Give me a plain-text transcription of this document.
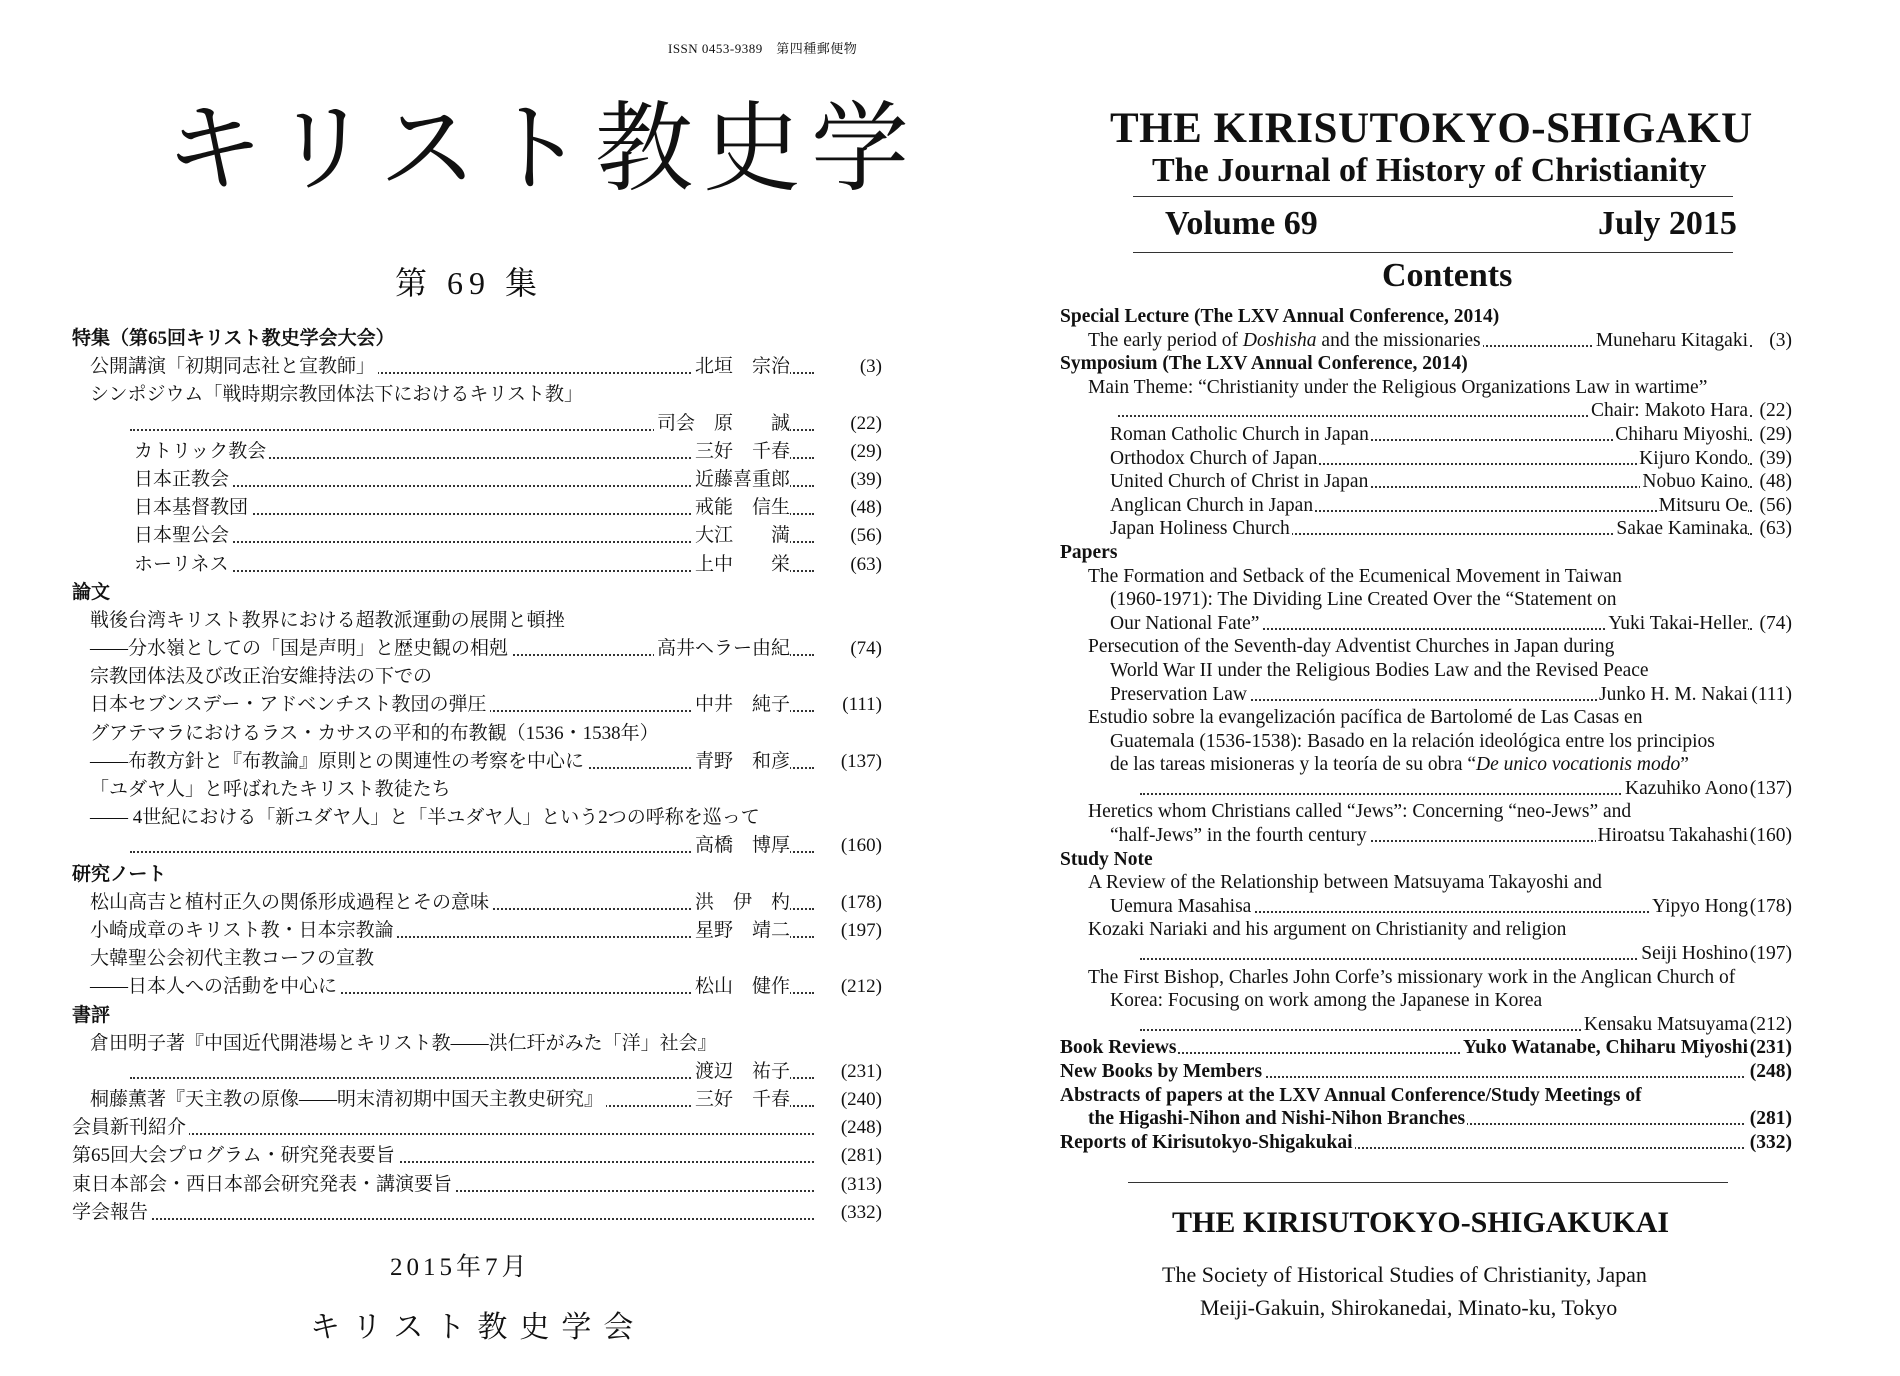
ISSN 0453-9389　第四種郵便物
キリスト教史学
第 69 集
特集（第65回キリスト教史学会大会）
公開講演「初期同志社と宣教師」	北垣　宗治	(3)
シンポジウム「戦時期宗教団体法下におけるキリスト教」
司会　原　　誠	(22)
カトリック教会	三好　千春	(29)
日本正教会	近藤喜重郎	(39)
日本基督教団	戒能　信生	(48)
日本聖公会	大江　　満	(56)
ホーリネス	上中　　栄	(63)
論文
戦後台湾キリスト教界における超教派運動の展開と頓挫
——分水嶺としての「国是声明」と歴史観の相剋	高井ヘラー由紀	(74)
宗教団体法及び改正治安維持法の下での
日本セブンスデー・アドベンチスト教団の弾圧	中井　純子	(111)
グアテマラにおけるラス・カサスの平和的布教観（1536・1538年）
——布教方針と『布教論』原則との関連性の考察を中心に	青野　和彦	(137)
「ユダヤ人」と呼ばれたキリスト教徒たち
—— 4世紀における「新ユダヤ人」と「半ユダヤ人」という2つの呼称を巡って
高橋　博厚	(160)
研究ノート
松山高吉と植村正久の関係形成過程とその意味	洪　伊　杓	(178)
小崎成章のキリスト教・日本宗教論	星野　靖二	(197)
大韓聖公会初代主教コーフの宣教
——日本人への活動を中心に	松山　健作	(212)
書評
倉田明子著『中国近代開港場とキリスト教——洪仁玕がみた「洋」社会』
渡辺　祐子	(231)
桐藤薫著『天主教の原像——明末清初期中国天主教史研究』	三好　千春	(240)
会員新刊紹介	(248)
第65回大会プログラム・研究発表要旨	(281)
東日本部会・西日本部会研究発表・講演要旨	(313)
学会報告	(332)
2015年7月
キリスト教史学会
THE KIRISUTOKYO-SHIGAKU
The Journal of History of Christianity
Volume 69	July 2015
Contents
Special Lecture (The LXV Annual Conference, 2014)
The early period of Doshisha and the missionaries	Muneharu Kitagaki (3)
Symposium (The LXV Annual Conference, 2014)
Main Theme: “Christianity under the Religious Organizations Law in wartime”
Chair: Makoto Hara (22)
Roman Catholic Church in Japan	Chiharu Miyoshi (29)
Orthodox Church of Japan	Kijuro Kondo (39)
United Church of Christ in Japan	Nobuo Kaino (48)
Anglican Church in Japan	Mitsuru Oe (56)
Japan Holiness Church	Sakae Kaminaka (63)
Papers
The Formation and Setback of the Ecumenical Movement in Taiwan
(1960-1971): The Dividing Line Created Over the “Statement on
Our National Fate”	Yuki Takai-Heller (74)
Persecution of the Seventh-day Adventist Churches in Japan during
World War II under the Religious Bodies Law and the Revised Peace
Preservation Law	Junko H. M. Nakai (111)
Estudio sobre la evangelización pacífica de Bartolomé de Las Casas en
Guatemala (1536-1538): Basado en la relación ideológica entre los principios
de las tareas misioneras y la teoría de su obra “De unico vocationis modo”
Kazuhiko Aono (137)
Heretics whom Christians called “Jews”: Concerning “neo-Jews” and
“half-Jews” in the fourth century	Hiroatsu Takahashi (160)
Study Note
A Review of the Relationship between Matsuyama Takayoshi and
Uemura Masahisa	Yipyo Hong (178)
Kozaki Nariaki and his argument on Christianity and religion
Seiji Hoshino (197)
The First Bishop, Charles John Corfe’s missionary work in the Anglican Church of
Korea: Focusing on work among the Japanese in Korea
Kensaku Matsuyama (212)
Book Reviews	Yuko Watanabe, Chiharu Miyoshi (231)
New Books by Members	(248)
Abstracts of papers at the LXV Annual Conference/Study Meetings of
the Higashi-Nihon and Nishi-Nihon Branches	(281)
Reports of Kirisutokyo-Shigakukai	(332)
THE KIRISUTOKYO-SHIGAKUKAI
The Society of Historical Studies of Christianity, Japan
Meiji-Gakuin, Shirokanedai, Minato-ku, Tokyo
